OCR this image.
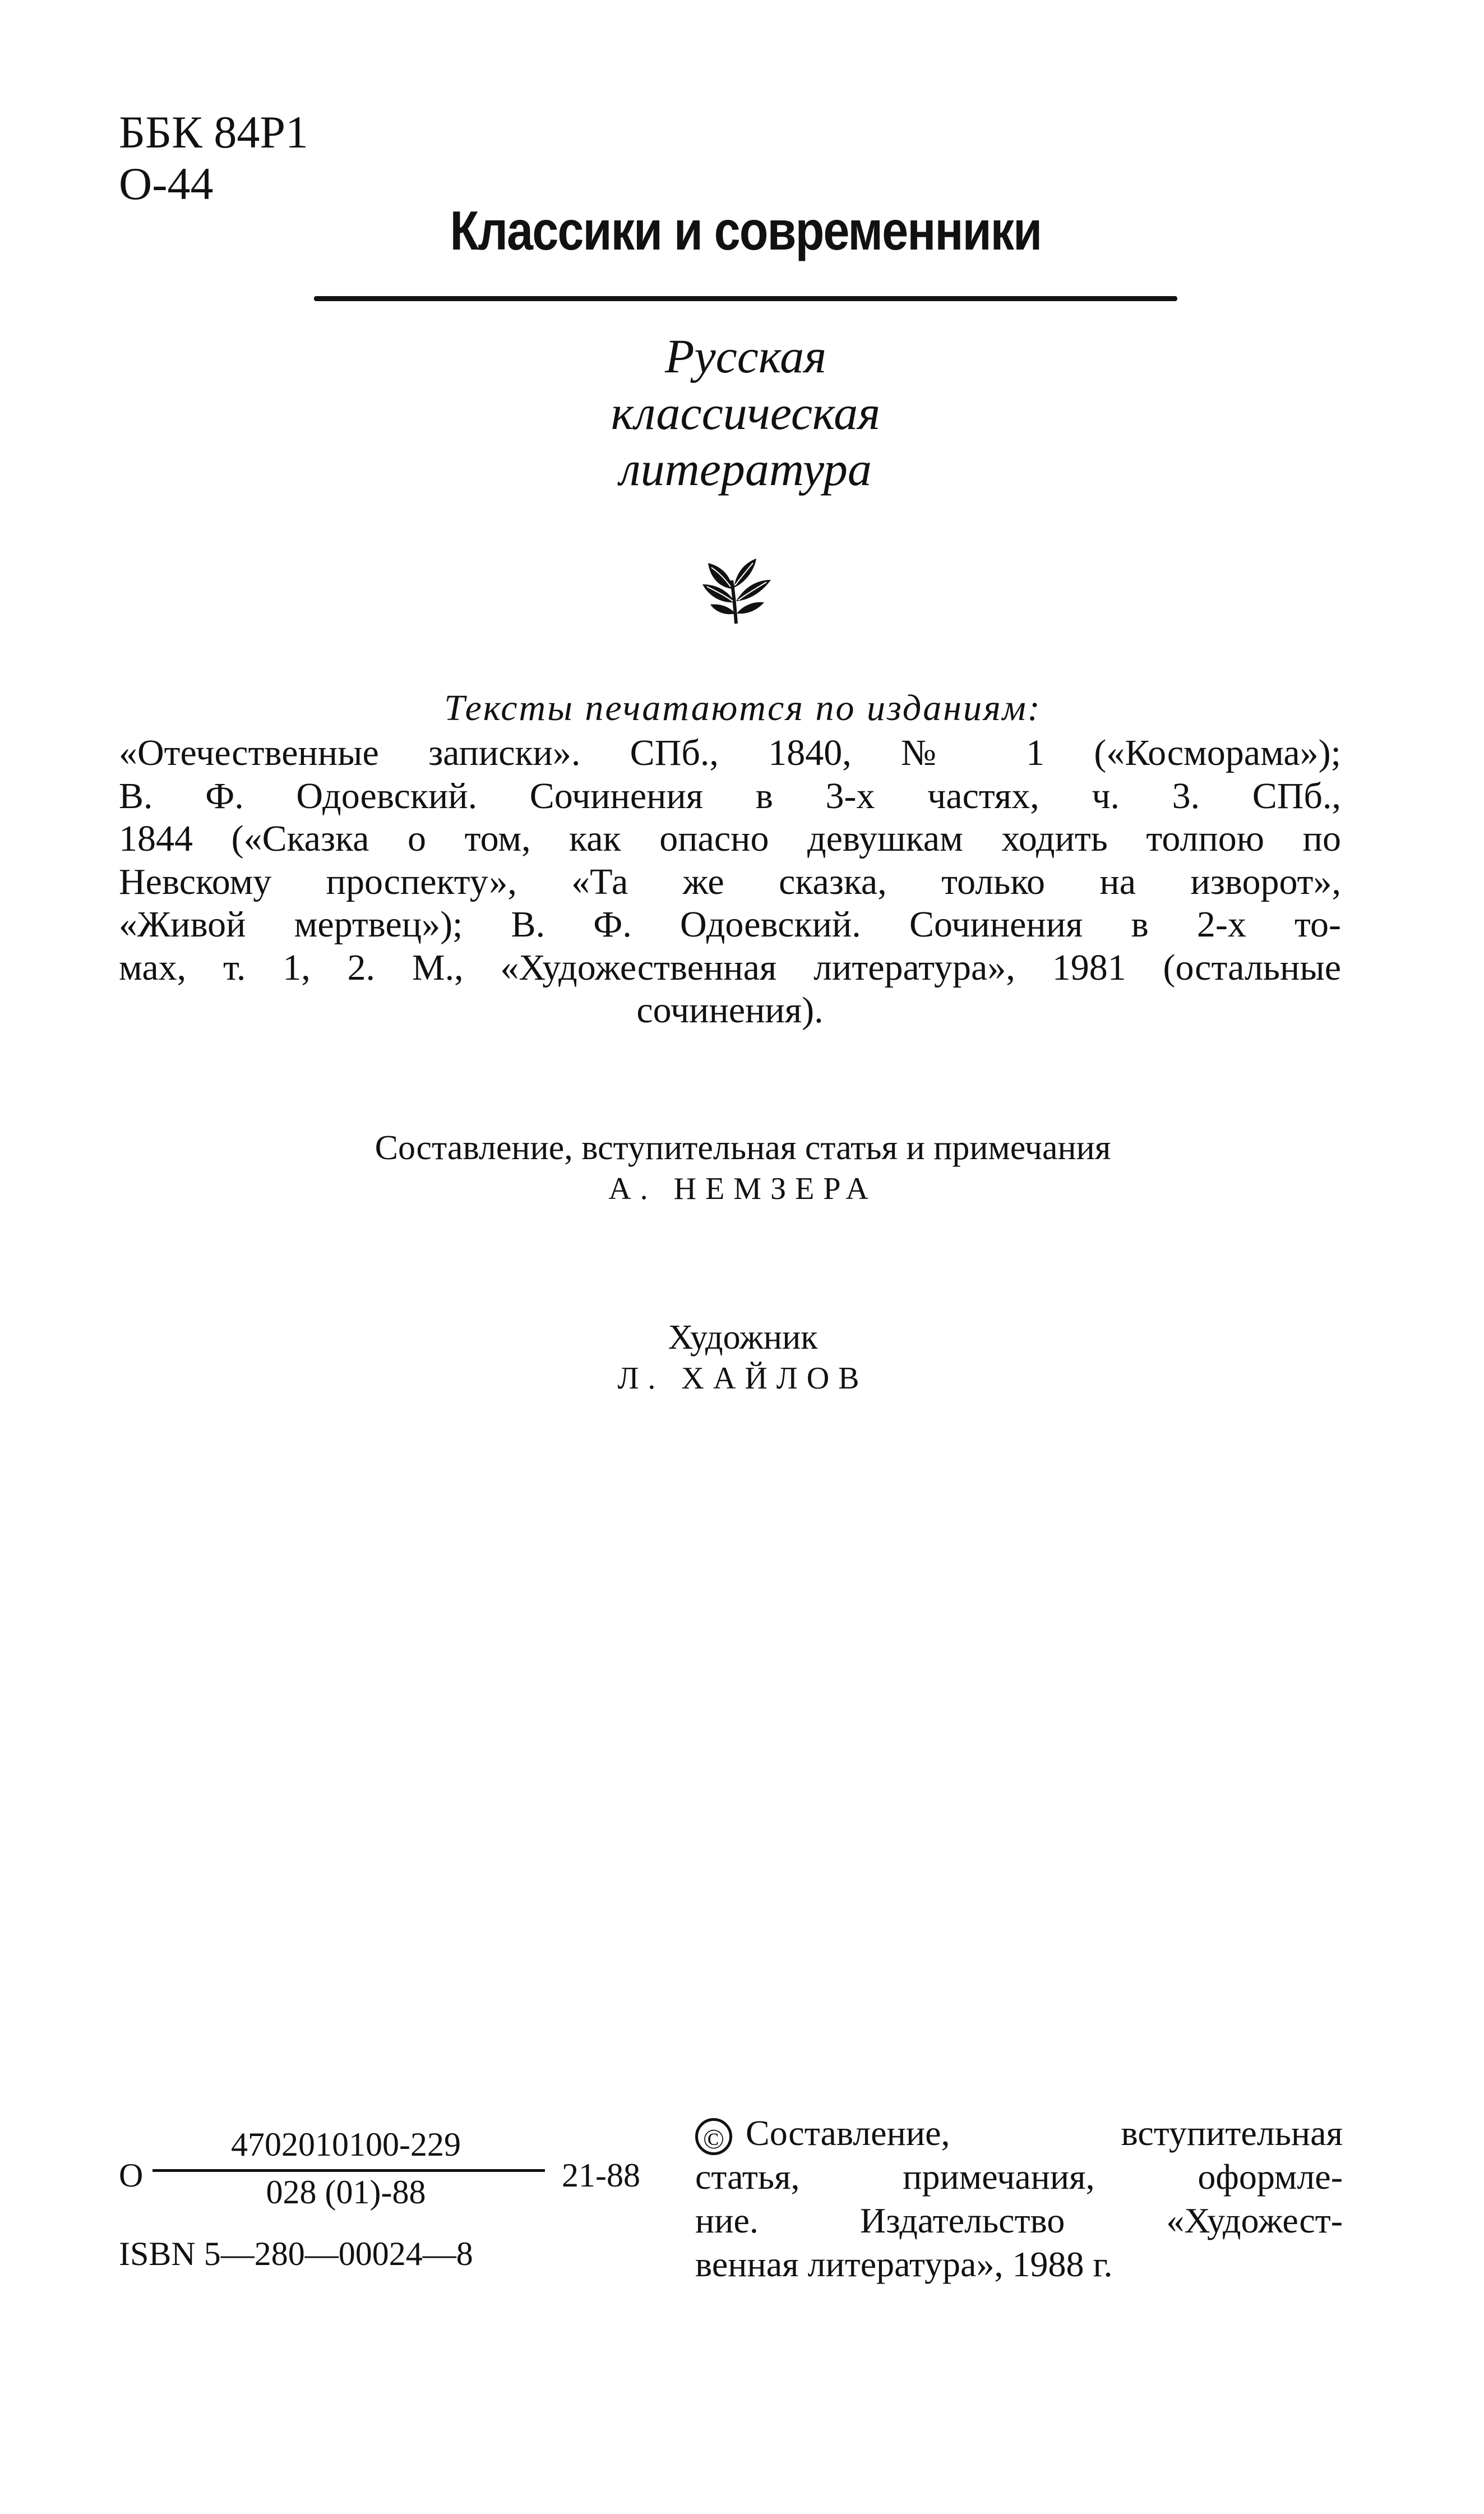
ББК 84Р1
О-44
Классики и современники
Русская
классическая
литература
Тексты печатаются по изданиям:
«Отечественные записки». СПб., 1840, № 1 («Косморама»);
В. Ф. Одоевский. Сочинения в 3-х частях, ч. 3. СПб.,
1844 («Сказка о том, как опасно девушкам ходить толпою по
Невскому проспекту», «Та же сказка, только на изворот»,
«Живой мертвец»); В. Ф. Одоевский. Сочинения в 2-х то-
мах, т. 1, 2. М., «Художественная литература», 1981 (остальные
сочинения).
Составление, вступительная статья и примечания
А. НЕМЗЕРА
Художник
Л. ХАЙЛОВ
О
4702010100-229
028 (01)-88	21-88
ISBN 5—280—00024—8
© Составление, вступительная
статья, примечания, оформле-
ние. Издательство «Художест-
венная литература», 1988 г.
